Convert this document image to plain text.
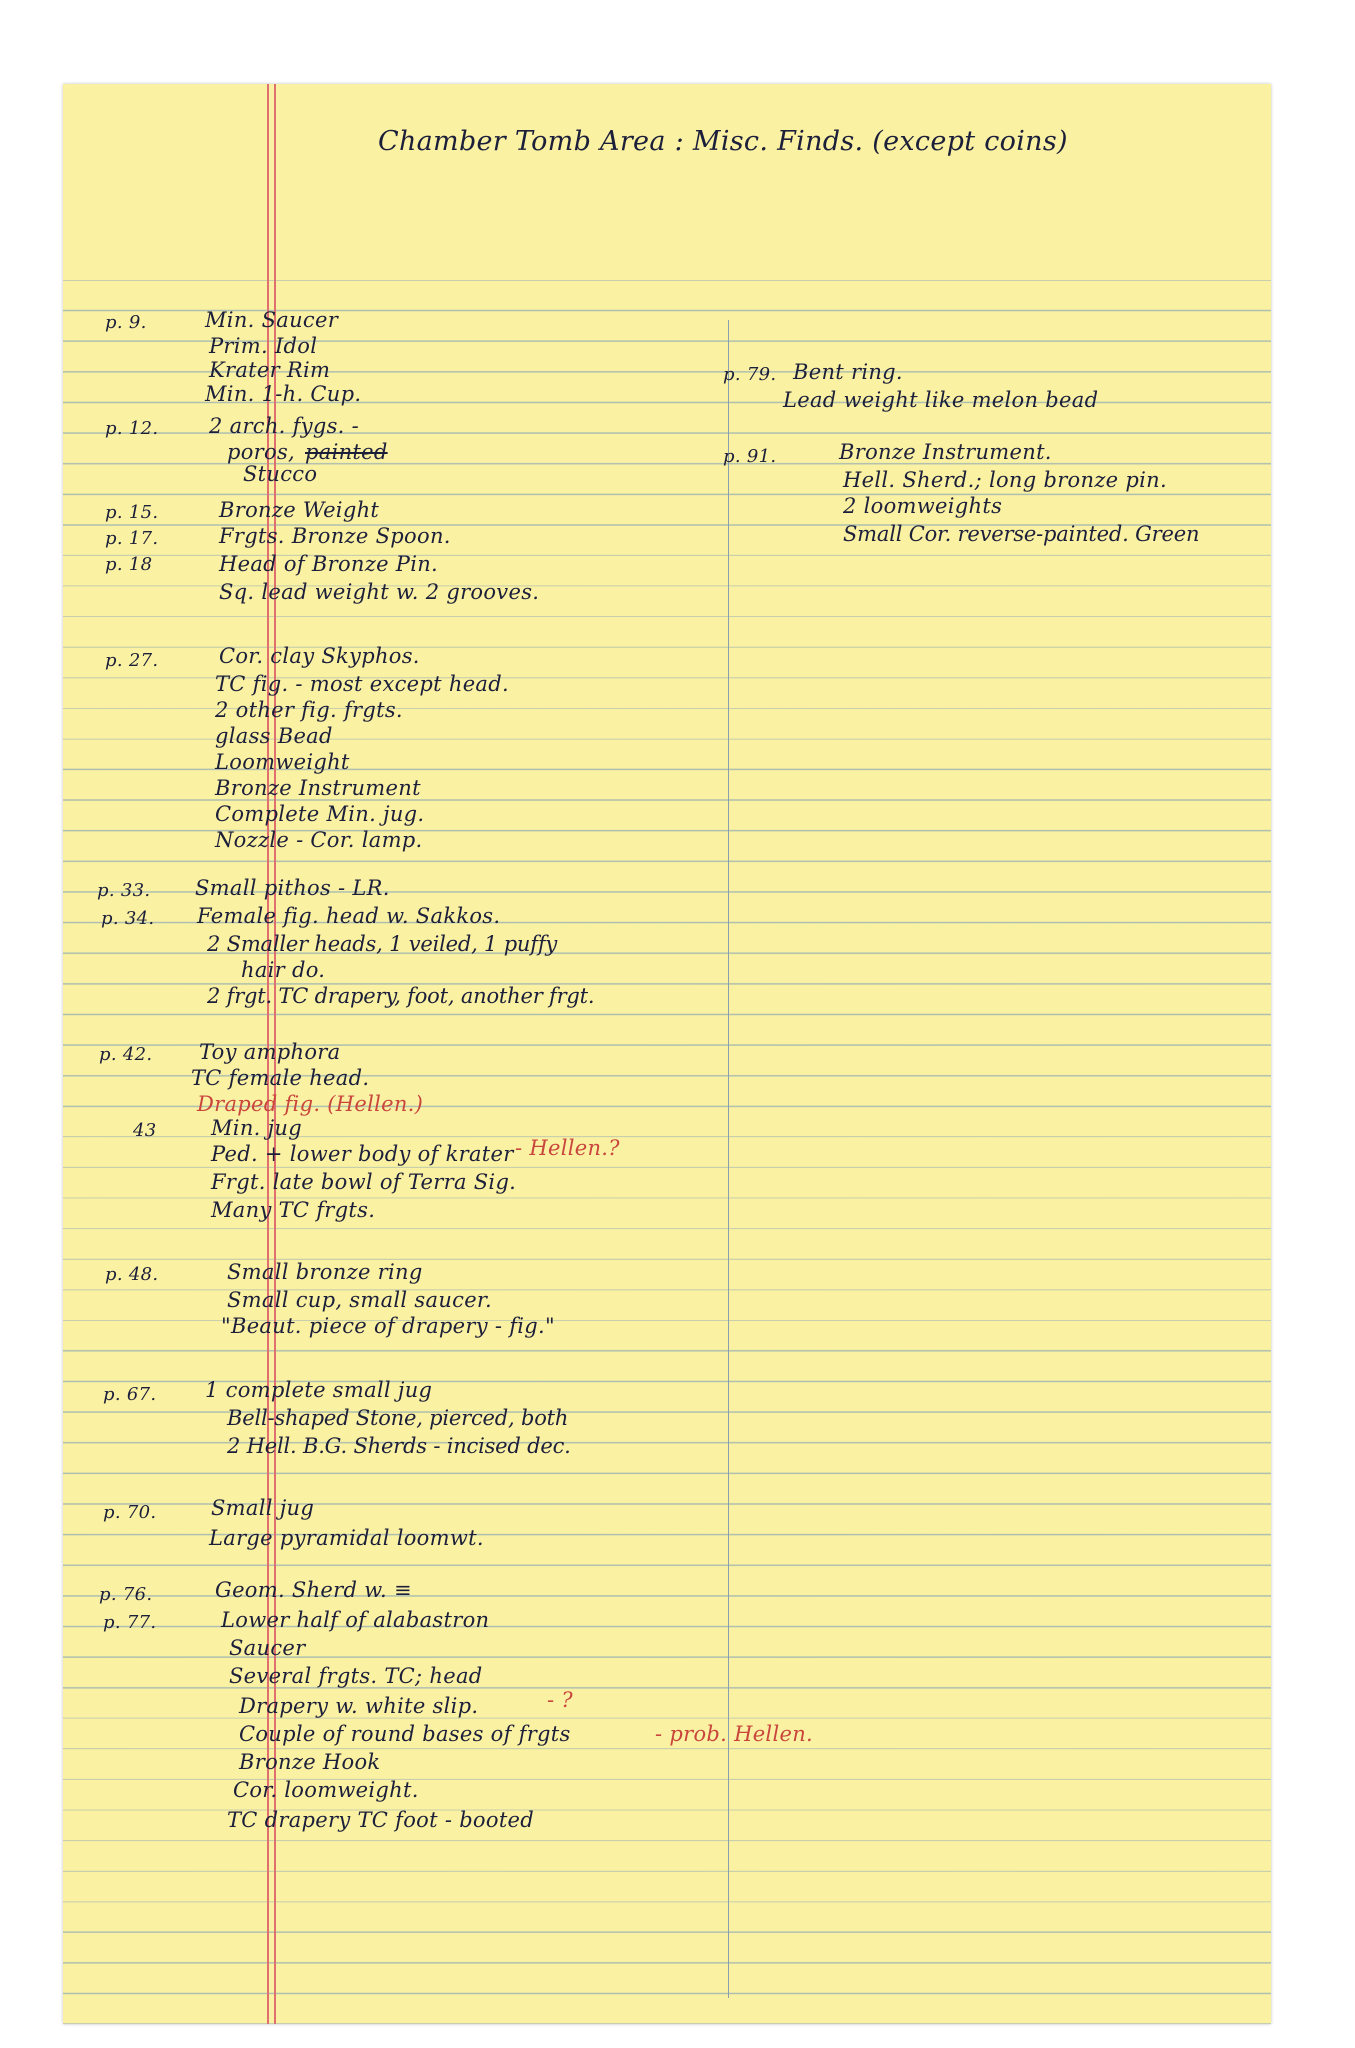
Chamber Tomb Area : Misc. Finds. (except coins)

p. 9.	Min. Saucer

Prim. Idol

Krater Rim

Min. 1-h. Cup.

p. 12. 2 arch. fygs. -

poros, painted

Stucco

p. 15.	Bronze Weight

p. 17.	Frgts. Bronze Spoon.

p. 18	Head of Bronze Pin.

Sq. lead weight w. 2 grooves.

p. 27.	Cor. clay Skyphos.

TC fig. - most except head.

2 other fig. frgts.

glass Bead

Loomweight

Bronze Instrument

Complete Min. jug.

Nozzle - Cor. lamp.

p. 33. Small pithos - LR.

p. 34. Female fig. head w. Sakkos.

2 Smaller heads, 1 veiled, 1 puffy

hair do.

2 frgt. TC drapery, foot, another frgt.

p. 42. Toy amphora

TC female head.

Draped fig. (Hellen.)

43	Min. jug

Ped. + lower body of krater - Hellen.?

Frgt. late bowl of Terra Sig.

Many TC frgts.

p. 48.	Small bronze ring

Small cup, small saucer.

"Beaut. piece of drapery - fig."

p. 67. 1 complete small jug

Bell-shaped Stone, pierced, both

2 Hell. B.G. Sherds - incised dec.

p. 70.	Small jug

Large pyramidal loomwt.

p. 76.	Geom. Sherd w. ≡

p. 77.	Lower half of alabastron

Saucer

Several frgts. TC; head

Drapery w. white slip.	- ?

Couple of round bases of frgts	- prob. Hellen.

Bronze Hook

Cor. loomweight.

TC drapery TC foot - booted

p. 79. Bent ring.

Lead weight like melon bead

p. 91.	Bronze Instrument.

Hell. Sherd.; long bronze pin.

2 loomweights

Small Cor. reverse-painted. Green
